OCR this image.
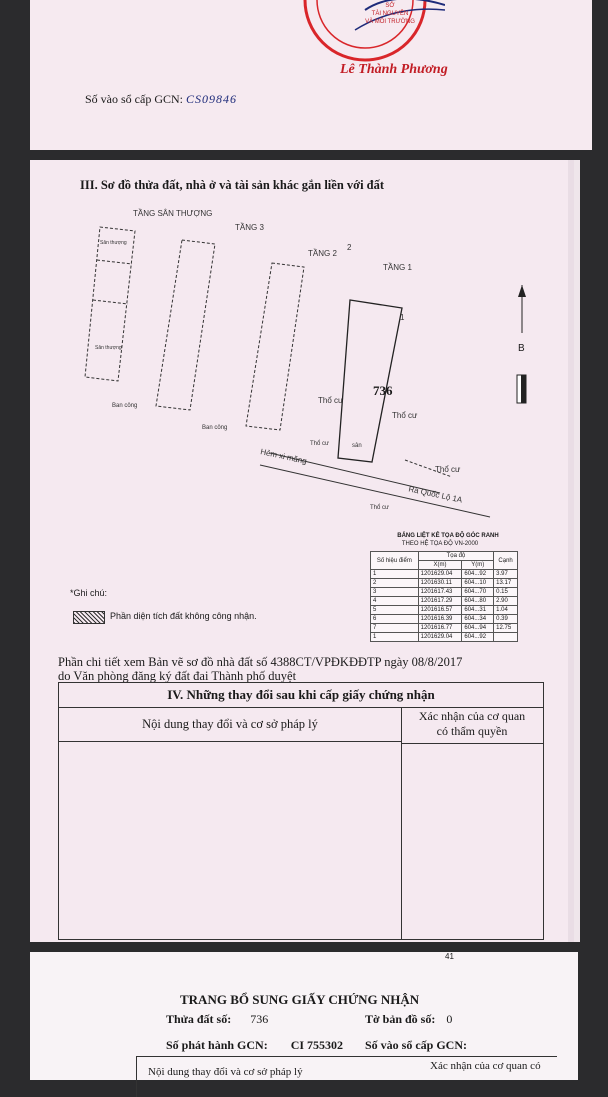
SỞ
TÀI NGUYÊN
VÀ MÔI TRƯỜNG
Lê Thành Phương
Số vào sổ cấp GCN: CS09846
III. Sơ đồ thửa đất, nhà ở và tài sản khác gắn liền với đất
TẦNG SÂN THƯỢNG
TẦNG 3
TẦNG 2
TẦNG 1
2
1
736
B
Thổ cư
Thổ cư
Thổ cư
Hẻm xi măng
Ra Quốc Lộ 1A
Ban công
Ban công
Sân thượng
Sân thượng
Thổ cư
Thổ cư
sân
BẢNG LIỆT KÊ TỌA ĐỘ GÓC RANH
THEO HỆ TỌA ĐỘ VN-2000
Số hiệu điểm	Tọa độ		Cạnh
	X(m)	Y(m)	
1	1201629.04	604...92	3.97
2	1201630.11	604...10	13.17
3	1201617.43	604...70	0.15
4	1201617.29	604...80	2.90
5	1201616.57	604...31	1.04
6	1201616.39	604...34	0.39
7	1201616.77	604...94	12.75
1	1201629.04	604...92	
*Ghi chú:
Phần diện tích đất không công nhận.
Phần chi tiết xem Bản vẽ sơ đồ nhà đất số 4388CT/VPĐKĐĐTP ngày 08/8/2017
do Văn phòng đăng ký đất đai Thành phố duyệt
IV. Những thay đổi sau khi cấp giấy chứng nhận
Nội dung thay đổi và cơ sở pháp lý
Xác nhận của cơ quan
có thẩm quyền
41
TRANG BỔ SUNG GIẤY CHỨNG NHẬN
Thửa đất số: 736	Tờ bản đồ số: 0
Số phát hành GCN: CI 755302 Số vào sổ cấp GCN:
Nội dung thay đổi và cơ sở pháp lý	Xác nhận của cơ quan có
